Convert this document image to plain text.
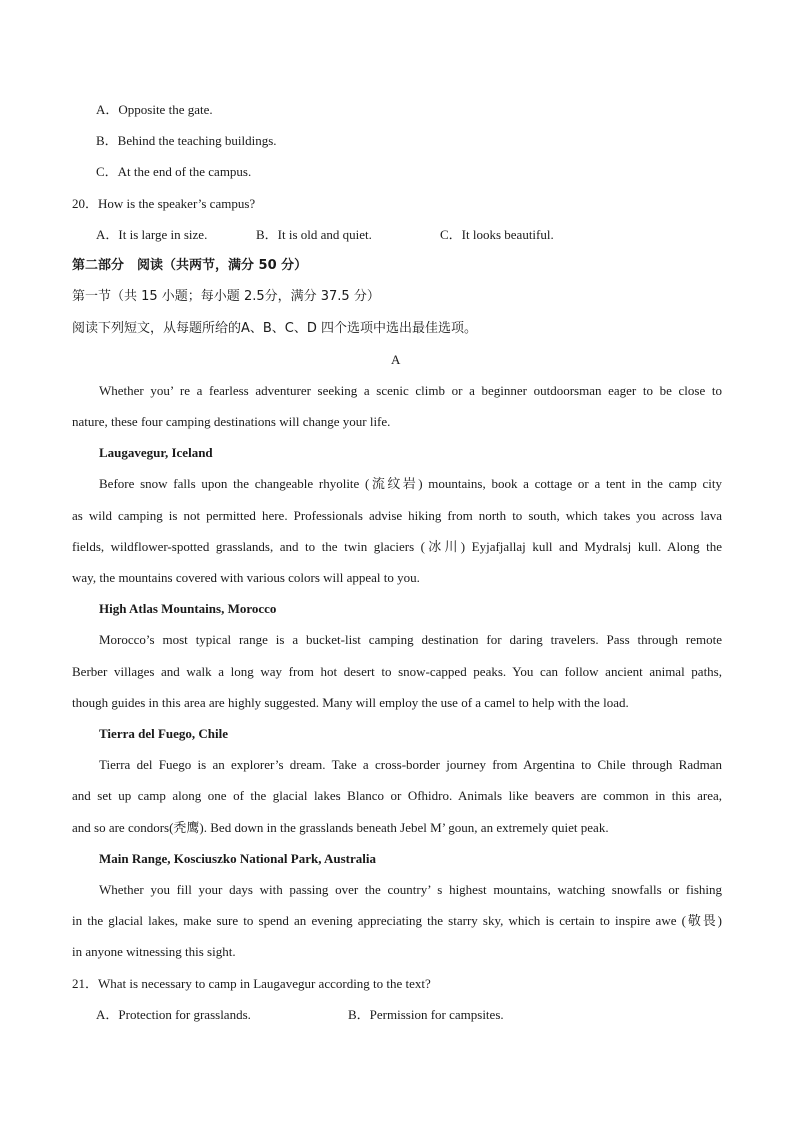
A．Opposite the gate.
B．Behind the teaching buildings.
C．At the end of the campus.
20．How is the speaker’s campus?
A．It is large in size.	B．It is old and quiet.	C．It looks beautiful.
第二部分　阅读（共两节，满分 50 分）
第一节（共 15 小题；每小题 2.5分，满分 37.5 分）
阅读下列短文，从每题所给的A、B、C、D 四个选项中选出最佳选项。
A
Whether you’ re a fearless adventurer seeking a scenic climb or a beginner outdoorsman eager to be close to
nature, these four camping destinations will change your life.
Laugavegur, Iceland
Before snow falls upon the changeable rhyolite (流纹岩) mountains, book a cottage or a tent in the camp city
as wild camping is not permitted here. Professionals advise hiking from north to south, which takes you across lava
fields, wildflower-spotted grasslands, and to the twin glaciers (冰川) Eyjafjallaj kull and Mydralsj kull. Along the
way, the mountains covered with various colors will appeal to you.
High Atlas Mountains, Morocco
Morocco’s most typical range is a bucket-list camping destination for daring travelers. Pass through remote
Berber villages and walk a long way from hot desert to snow-capped peaks. You can follow ancient animal paths,
though guides in this area are highly suggested. Many will employ the use of a camel to help with the load.
Tierra del Fuego, Chile
Tierra del Fuego is an explorer’s dream. Take a cross-border journey from Argentina to Chile through Radman
and set up camp along one of the glacial lakes Blanco or Ofhidro. Animals like beavers are common in this area,
and so are condors(秃鹰). Bed down in the grasslands beneath Jebel M’ goun, an extremely quiet peak.
Main Range, Kosciuszko National Park, Australia
Whether you fill your days with passing over the country’ s highest mountains, watching snowfalls or fishing
in the glacial lakes, make sure to spend an evening appreciating the starry sky, which is certain to inspire awe (敬畏)
in anyone witnessing this sight.
21．What is necessary to camp in Laugavegur according to the text?
A．Protection for grasslands.	B．Permission for campsites.
